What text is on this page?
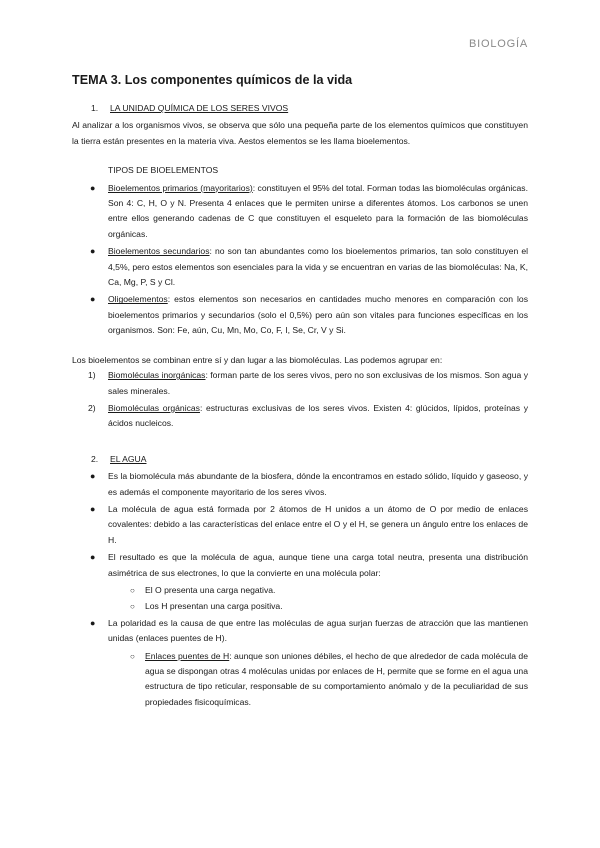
BIOLOGÍA
TEMA 3. Los componentes químicos de la vida
1. LA UNIDAD QUÍMICA DE LOS SERES VIVOS

Al analizar a los organismos vivos, se observa que sólo una pequeña parte de los elementos químicos que constituyen la tierra están presentes en la materia viva. Aestos elementos se les llama bioelementos.

TIPOS DE BIOELEMENTOS
● Bioelementos primarios (mayoritarios): constituyen el 95% del total. Forman todas las biomoléculas orgánicas. Son 4: C, H, O y N. Presenta 4 enlaces que le permiten unirse a diferentes átomos. Los carbonos se unen entre ellos generando cadenas de C que constituyen el esqueleto para la formación de las biomoléculas orgánicas.
● Bioelementos secundarios: no son tan abundantes como los bioelementos primarios, tan solo constituyen el 4,5%, pero estos elementos son esenciales para la vida y se encuentran en varias de las biomoléculas: Na, K, Ca, Mg, P, S y Cl.
● Oligoelementos: estos elementos son necesarios en cantidades mucho menores en comparación con los bioelementos primarios y secundarios (solo el 0,5%) pero aún son vitales para funciones específicas en los organismos. Son: Fe, aún, Cu, Mn, Mo, Co, F, I, Se, Cr, V y Si.

Los bioelementos se combinan entre sí y dan lugar a las biomoléculas. Las podemos agrupar en:

1) Biomoléculas inorgánicas: forman parte de los seres vivos, pero no son exclusivas de los mismos. Son agua y sales minerales.
2) Biomoléculas orgánicas: estructuras exclusivas de los seres vivos. Existen 4: glúcidos, lípidos, proteínas y ácidos nucleicos.
2. EL AGUA
● Es la biomolécula más abundante de la biosfera, dónde la encontramos en estado sólido, líquido y gaseoso, y es además el componente mayoritario de los seres vivos.
● La molécula de agua está formada por 2 átomos de H unidos a un átomo de O por medio de enlaces covalentes: debido a las características del enlace entre el O y el H, se genera un ángulo entre los enlaces de H.
● El resultado es que la molécula de agua, aunque tiene una carga total neutra, presenta una distribución asimétrica de sus electrones, lo que la convierte en una molécula polar:
○ El O presenta una carga negativa.
○ Los H presentan una carga positiva.
● La polaridad es la causa de que entre las moléculas de agua surjan fuerzas de atracción que las mantienen unidas (enlaces puentes de H).
○ Enlaces puentes de H: aunque son uniones débiles, el hecho de que alrededor de cada molécula de agua se dispongan otras 4 moléculas unidas por enlaces de H, permite que se forme en el agua una estructura de tipo reticular, responsable de su comportamiento anómalo y de la peculiaridad de sus propiedades fisicoquímicas.
